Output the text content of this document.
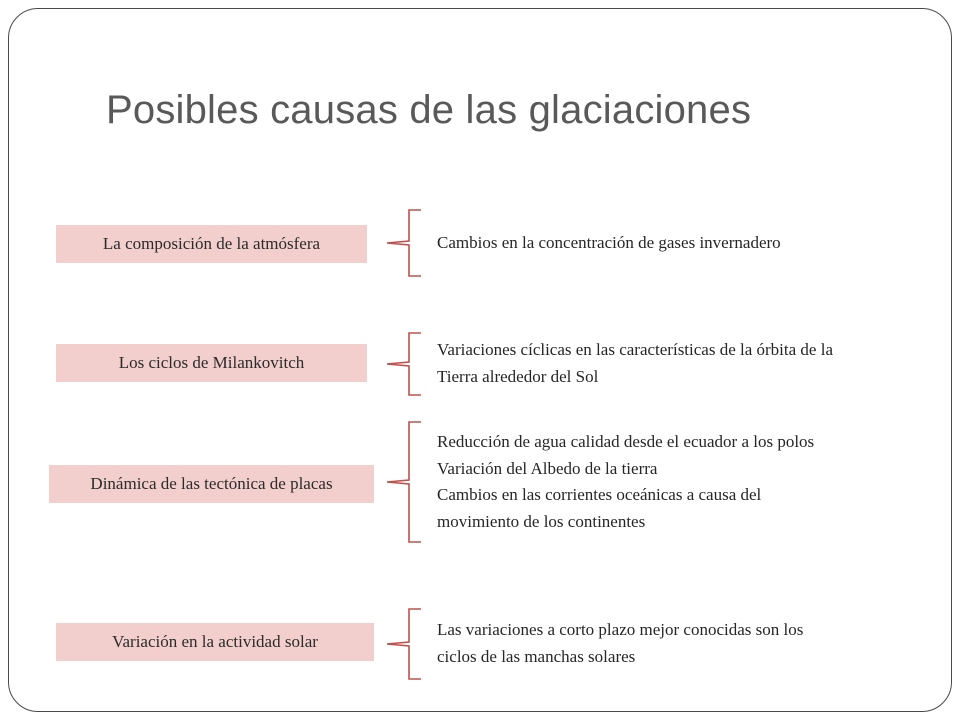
Posibles causas de las glaciaciones
La composición de la atmósfera	Cambios en la concentración de gases invernadero
Los ciclos de Milankovitch
Variaciones cíclicas en las características de la órbita de la
Tierra alrededor del Sol
Dinámica de las tectónica de placas
Reducción de agua calidad desde el ecuador a los polos
Variación del Albedo de la tierra
Cambios en las corrientes oceánicas a causa del
movimiento de los continentes
Variación en la actividad solar
Las variaciones a corto plazo mejor conocidas son los
ciclos de las manchas solares
